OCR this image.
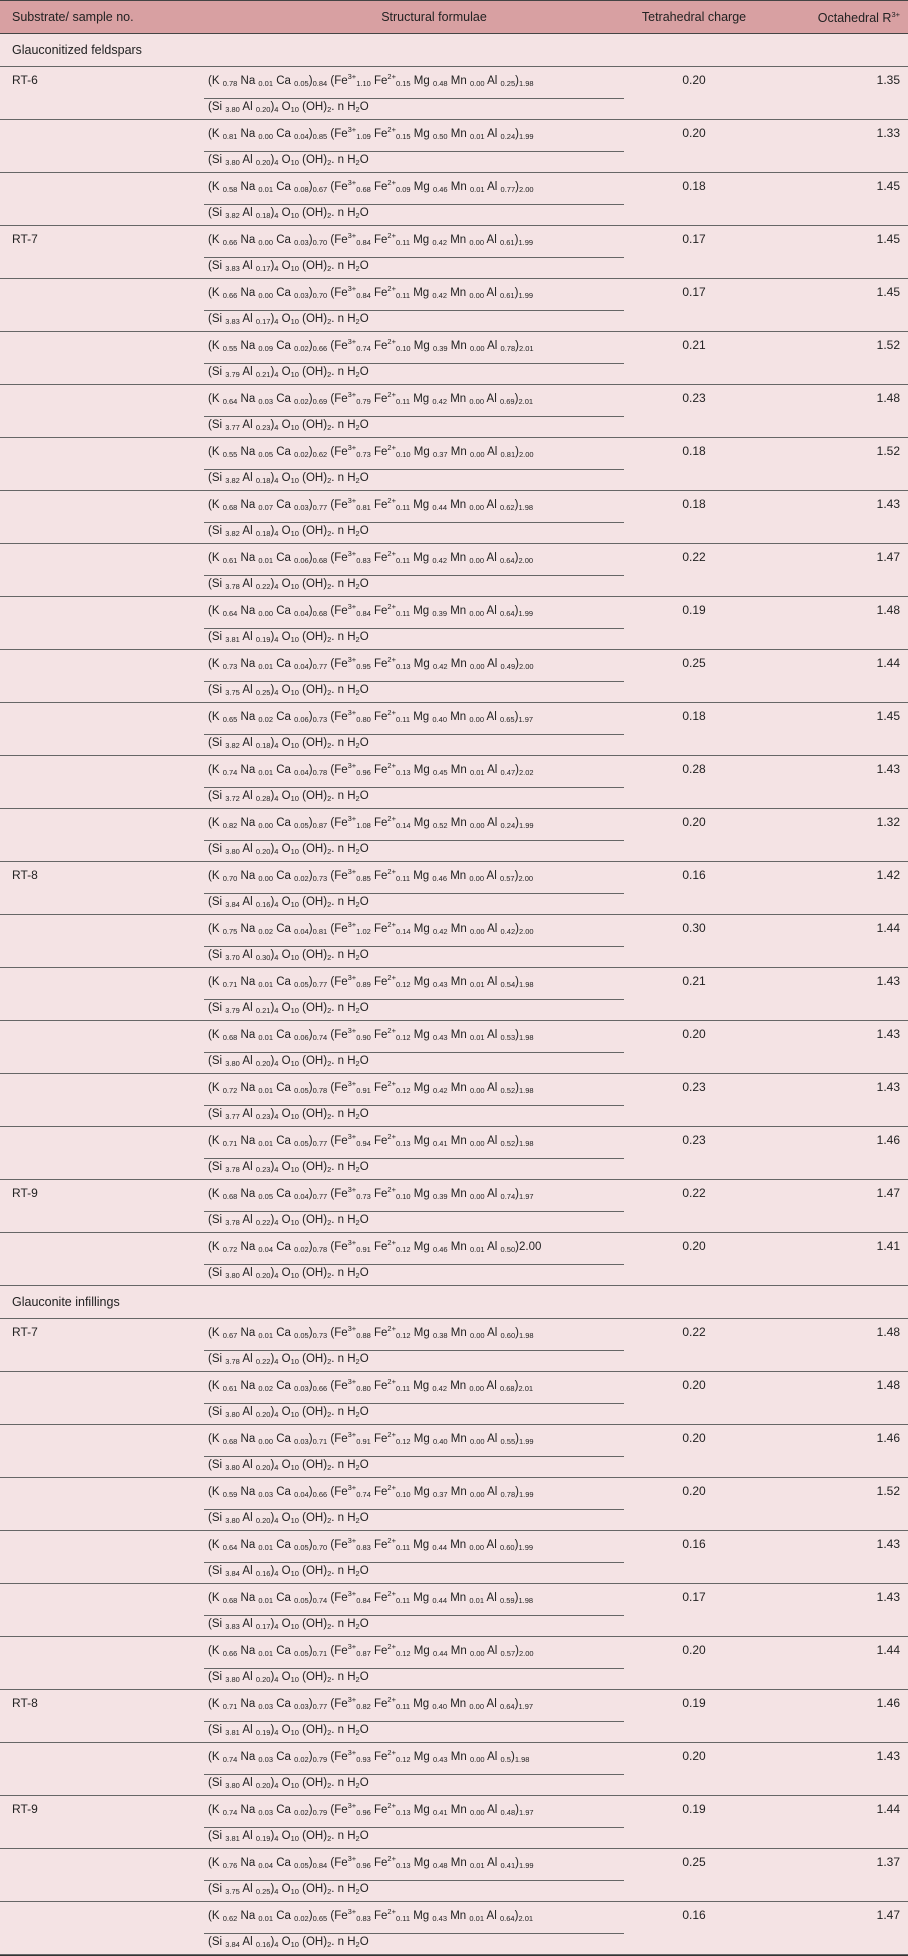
Substrate/ sample no.	Structural formulae	Tetrahedral charge	Octahedral $R^{3+}$
Glauconitized feldspars
RT-6	(K $_{0.78}$ Na $_{0.01}$ Ca $_{0.05})_{0.84}$ ($Fe^{3+}_{1.10}$ $Fe^{2+}_{0.15}$ Mg $_{0.48}$ Mn $_{0.00}$ Al $_{0.25})_{1.98}$	0.20	1.35
(Si $_{3.80}$ Al $_{0.20})_4$ $O_{10}$ $(OH)_2$. n $H_2O$
(K $_{0.81}$ Na $_{0.00}$ Ca $_{0.04})_{0.85}$ ($Fe^{3+}_{1.09}$ $Fe^{2+}_{0.15}$ Mg $_{0.50}$ Mn $_{0.01}$ Al $_{0.24})_{1.99}$	0.20	1.33
(Si $_{3.80}$ Al $_{0.20})_4$ $O_{10}$ $(OH)_2$. n $H_2O$
(K $_{0.58}$ Na $_{0.01}$ Ca $_{0.08})_{0.67}$ ($Fe^{3+}_{0.68}$ $Fe^{2+}_{0.09}$ Mg $_{0.46}$ Mn $_{0.01}$ Al $_{0.77})_{2.00}$	0.18	1.45
(Si $_{3.82}$ Al $_{0.18})_4$ $O_{10}$ $(OH)_2$. n $H_2O$
RT-7	(K $_{0.66}$ Na $_{0.00}$ Ca $_{0.03})_{0.70}$ ($Fe^{3+}_{0.84}$ $Fe^{2+}_{0.11}$ Mg $_{0.42}$ Mn $_{0.00}$ Al $_{0.61})_{1.99}$	0.17	1.45
(Si $_{3.83}$ Al $_{0.17})_4$ $O_{10}$ $(OH)_2$. n $H_2O$
(K $_{0.66}$ Na $_{0.00}$ Ca $_{0.03})_{0.70}$ ($Fe^{3+}_{0.84}$ $Fe^{2+}_{0.11}$ Mg $_{0.42}$ Mn $_{0.00}$ Al $_{0.61})_{1.99}$	0.17	1.45
(Si $_{3.83}$ Al $_{0.17})_4$ $O_{10}$ $(OH)_2$. n $H_2O$
(K $_{0.55}$ Na $_{0.09}$ Ca $_{0.02})_{0.66}$ ($Fe^{3+}_{0.74}$ $Fe^{2+}_{0.10}$ Mg $_{0.39}$ Mn $_{0.00}$ Al $_{0.78})_{2.01}$	0.21	1.52
(Si $_{3.79}$ Al $_{0.21})_4$ $O_{10}$ $(OH)_2$. n $H_2O$
(K $_{0.64}$ Na $_{0.03}$ Ca $_{0.02})_{0.69}$ ($Fe^{3+}_{0.79}$ $Fe^{2+}_{0.11}$ Mg $_{0.42}$ Mn $_{0.00}$ Al $_{0.69})_{2.01}$	0.23	1.48
(Si $_{3.77}$ Al $_{0.23})_4$ $O_{10}$ $(OH)_2$. n $H_2O$
(K $_{0.55}$ Na $_{0.05}$ Ca $_{0.02})_{0.62}$ ($Fe^{3+}_{0.73}$ $Fe^{2+}_{0.10}$ Mg $_{0.37}$ Mn $_{0.00}$ Al $_{0.81})_{2.00}$	0.18	1.52
(Si $_{3.82}$ Al $_{0.18})_4$ $O_{10}$ $(OH)_2$. n $H_2O$
(K $_{0.68}$ Na $_{0.07}$ Ca $_{0.03})_{0.77}$ ($Fe^{3+}_{0.81}$ $Fe^{2+}_{0.11}$ Mg $_{0.44}$ Mn $_{0.00}$ Al $_{0.62})_{1.98}$	0.18	1.43
(Si $_{3.82}$ Al $_{0.18})_4$ $O_{10}$ $(OH)_2$. n $H_2O$
(K $_{0.61}$ Na $_{0.01}$ Ca $_{0.06})_{0.68}$ ($Fe^{3+}_{0.83}$ $Fe^{2+}_{0.11}$ Mg $_{0.42}$ Mn $_{0.00}$ Al $_{0.64})_{2.00}$	0.22	1.47
(Si $_{3.78}$ Al $_{0.22})_4$ $O_{10}$ $(OH)_2$. n $H_2O$
(K $_{0.64}$ Na $_{0.00}$ Ca $_{0.04})_{0.68}$ ($Fe^{3+}_{0.84}$ $Fe^{2+}_{0.11}$ Mg $_{0.39}$ Mn $_{0.00}$ Al $_{0.64})_{1.99}$	0.19	1.48
(Si $_{3.81}$ Al $_{0.19})_4$ $O_{10}$ $(OH)_2$. n $H_2O$
(K $_{0.73}$ Na $_{0.01}$ Ca $_{0.04})_{0.77}$ ($Fe^{3+}_{0.95}$ $Fe^{2+}_{0.13}$ Mg $_{0.42}$ Mn $_{0.00}$ Al $_{0.49})_{2.00}$	0.25	1.44
(Si $_{3.75}$ Al $_{0.25})_4$ $O_{10}$ $(OH)_2$. n $H_2O$
(K $_{0.65}$ Na $_{0.02}$ Ca $_{0.06})_{0.73}$ ($Fe^{3+}_{0.80}$ $Fe^{2+}_{0.11}$ Mg $_{0.40}$ Mn $_{0.00}$ Al $_{0.65})_{1.97}$	0.18	1.45
(Si $_{3.82}$ Al $_{0.18})_4$ $O_{10}$ $(OH)_2$. n $H_2O$
(K $_{0.74}$ Na $_{0.01}$ Ca $_{0.04})_{0.78}$ ($Fe^{3+}_{0.96}$ $Fe^{2+}_{0.13}$ Mg $_{0.45}$ Mn $_{0.01}$ Al $_{0.47})_{2.02}$	0.28	1.43
(Si $_{3.72}$ Al $_{0.28})_4$ $O_{10}$ $(OH)_2$. n $H_2O$
(K $_{0.82}$ Na $_{0.00}$ Ca $_{0.05})_{0.87}$ ($Fe^{3+}_{1.08}$ $Fe^{2+}_{0.14}$ Mg $_{0.52}$ Mn $_{0.00}$ Al $_{0.24})_{1.99}$	0.20	1.32
(Si $_{3.80}$ Al $_{0.20})_4$ $O_{10}$ $(OH)_2$. n $H_2O$
RT-8	(K $_{0.70}$ Na $_{0.00}$ Ca $_{0.02})_{0.73}$ ($Fe^{3+}_{0.85}$ $Fe^{2+}_{0.11}$ Mg $_{0.46}$ Mn $_{0.00}$ Al $_{0.57})_{2.00}$	0.16	1.42
(Si $_{3.84}$ Al $_{0.16})_4$ $O_{10}$ $(OH)_2$. n $H_2O$
(K $_{0.75}$ Na $_{0.02}$ Ca $_{0.04})_{0.81}$ ($Fe^{3+}_{1.02}$ $Fe^{2+}_{0.14}$ Mg $_{0.42}$ Mn $_{0.00}$ Al $_{0.42})_{2.00}$	0.30	1.44
(Si $_{3.70}$ Al $_{0.30})_4$ $O_{10}$ $(OH)_2$. n $H_2O$
(K $_{0.71}$ Na $_{0.01}$ Ca $_{0.05})_{0.77}$ ($Fe^{3+}_{0.89}$ $Fe^{2+}_{0.12}$ Mg $_{0.43}$ Mn $_{0.01}$ Al $_{0.54})_{1.98}$	0.21	1.43
(Si $_{3.79}$ Al $_{0.21})_4$ $O_{10}$ $(OH)_2$. n $H_2O$
(K $_{0.68}$ Na $_{0.01}$ Ca $_{0.06})_{0.74}$ ($Fe^{3+}_{0.90}$ $Fe^{2+}_{0.12}$ Mg $_{0.43}$ Mn $_{0.01}$ Al $_{0.53})_{1.98}$	0.20	1.43
(Si $_{3.80}$ Al $_{0.20})_4$ $O_{10}$ $(OH)_2$. n $H_2O$
(K $_{0.72}$ Na $_{0.01}$ Ca $_{0.05})_{0.78}$ ($Fe^{3+}_{0.91}$ $Fe^{2+}_{0.12}$ Mg $_{0.42}$ Mn $_{0.00}$ Al $_{0.52})_{1.98}$	0.23	1.43
(Si $_{3.77}$ Al $_{0.23})_4$ $O_{10}$ $(OH)_2$. n $H_2O$
(K $_{0.71}$ Na $_{0.01}$ Ca $_{0.05})_{0.77}$ ($Fe^{3+}_{0.94}$ $Fe^{2+}_{0.13}$ Mg $_{0.41}$ Mn $_{0.00}$ Al $_{0.52})_{1.98}$	0.23	1.46
(Si $_{3.78}$ Al $_{0.23})_4$ $O_{10}$ $(OH)_2$. n $H_2O$
RT-9	(K $_{0.68}$ Na $_{0.05}$ Ca $_{0.04})_{0.77}$ ($Fe^{3+}_{0.73}$ $Fe^{2+}_{0.10}$ Mg $_{0.39}$ Mn $_{0.00}$ Al $_{0.74})_{1.97}$	0.22	1.47
(Si $_{3.78}$ Al $_{0.22})_4$ $O_{10}$ $(OH)_2$. n $H_2O$
(K $_{0.72}$ Na $_{0.04}$ Ca $_{0.02})_{0.78}$ ($Fe^{3+}_{0.91}$ $Fe^{2+}_{0.12}$ Mg $_{0.46}$ Mn $_{0.01}$ Al $_{0.50}$)2.00	0.20	1.41
(Si $_{3.80}$ Al $_{0.20})_4$ $O_{10}$ $(OH)_2$. n $H_2O$
Glauconite infillings
RT-7	(K $_{0.67}$ Na $_{0.01}$ Ca $_{0.05})_{0.73}$ ($Fe^{3+}_{0.88}$ $Fe^{2+}_{0.12}$ Mg $_{0.38}$ Mn $_{0.00}$ Al $_{0.60})_{1.98}$	0.22	1.48
(Si $_{3.78}$ Al $_{0.22})_4$ $O_{10}$ $(OH)_2$. n $H_2O$
(K $_{0.61}$ Na $_{0.02}$ Ca $_{0.03})_{0.66}$ ($Fe^{3+}_{0.80}$ $Fe^{2+}_{0.11}$ Mg $_{0.42}$ Mn $_{0.00}$ Al $_{0.68})_{2.01}$	0.20	1.48
(Si $_{3.80}$ Al $_{0.20})_4$ $O_{10}$ $(OH)_2$. n $H_2O$
(K $_{0.68}$ Na $_{0.00}$ Ca $_{0.03})_{0.71}$ ($Fe^{3+}_{0.91}$ $Fe^{2+}_{0.12}$ Mg $_{0.40}$ Mn $_{0.00}$ Al $_{0.55})_{1.99}$	0.20	1.46
(Si $_{3.80}$ Al $_{0.20})_4$ $O_{10}$ $(OH)_2$. n $H_2O$
(K $_{0.59}$ Na $_{0.03}$ Ca $_{0.04})_{0.66}$ ($Fe^{3+}_{0.74}$ $Fe^{2+}_{0.10}$ Mg $_{0.37}$ Mn $_{0.00}$ Al $_{0.78})_{1.99}$	0.20	1.52
(Si $_{3.80}$ Al $_{0.20})_4$ $O_{10}$ $(OH)_2$. n $H_2O$
(K $_{0.64}$ Na $_{0.01}$ Ca $_{0.05})_{0.70}$ ($Fe^{3+}_{0.83}$ $Fe^{2+}_{0.11}$ Mg $_{0.44}$ Mn $_{0.00}$ Al $_{0.60})_{1.99}$	0.16	1.43
(Si $_{3.84}$ Al $_{0.16})_4$ $O_{10}$ $(OH)_2$. n $H_2O$
(K $_{0.68}$ Na $_{0.01}$ Ca $_{0.05})_{0.74}$ ($Fe^{3+}_{0.84}$ $Fe^{2+}_{0.11}$ Mg $_{0.44}$ Mn $_{0.01}$ Al $_{0.59})_{1.98}$	0.17	1.43
(Si $_{3.83}$ Al $_{0.17})_4$ $O_{10}$ $(OH)_2$. n $H_2O$
(K $_{0.66}$ Na $_{0.01}$ Ca $_{0.05})_{0.71}$ ($Fe^{3+}_{0.87}$ $Fe^{2+}_{0.12}$ Mg $_{0.44}$ Mn $_{0.00}$ Al $_{0.57})_{2.00}$	0.20	1.44
(Si $_{3.80}$ Al $_{0.20})_4$ $O_{10}$ $(OH)_2$. n $H_2O$
RT-8	(K $_{0.71}$ Na $_{0.03}$ Ca $_{0.03})_{0.77}$ ($Fe^{3+}_{0.82}$ $Fe^{2+}_{0.11}$ Mg $_{0.40}$ Mn $_{0.00}$ Al $_{0.64})_{1.97}$	0.19	1.46
(Si $_{3.81}$ Al $_{0.19})_4$ $O_{10}$ $(OH)_2$. n $H_2O$
(K $_{0.74}$ Na $_{0.03}$ Ca $_{0.02})_{0.79}$ ($Fe^{3+}_{0.93}$ $Fe^{2+}_{0.12}$ Mg $_{0.43}$ Mn $_{0.00}$ Al $_{0.5})_{1.98}$	0.20	1.43
(Si $_{3.80}$ Al $_{0.20})_4$ $O_{10}$ $(OH)_2$. n $H_2O$
RT-9	(K $_{0.74}$ Na $_{0.03}$ Ca $_{0.02})_{0.79}$ ($Fe^{3+}_{0.96}$ $Fe^{2+}_{0.13}$ Mg $_{0.41}$ Mn $_{0.00}$ Al $_{0.48})_{1.97}$	0.19	1.44
(Si $_{3.81}$ Al $_{0.19})_4$ $O_{10}$ $(OH)_2$. n $H_2O$
(K $_{0.76}$ Na $_{0.04}$ Ca $_{0.05})_{0.84}$ ($Fe^{3+}_{0.96}$ $Fe^{2+}_{0.13}$ Mg $_{0.48}$ Mn $_{0.01}$ Al $_{0.41})_{1.99}$	0.25	1.37
(Si $_{3.75}$ Al $_{0.25})_4$ $O_{10}$ $(OH)_2$. n $H_2O$
(K $_{0.62}$ Na $_{0.01}$ Ca $_{0.02})_{0.65}$ ($Fe^{3+}_{0.83}$ $Fe^{2+}_{0.11}$ Mg $_{0.43}$ Mn $_{0.01}$ Al $_{0.64})_{2.01}$	0.16	1.47
(Si $_{3.84}$ Al $_{0.16})_4$ $O_{10}$ $(OH)_2$. n $H_2O$
